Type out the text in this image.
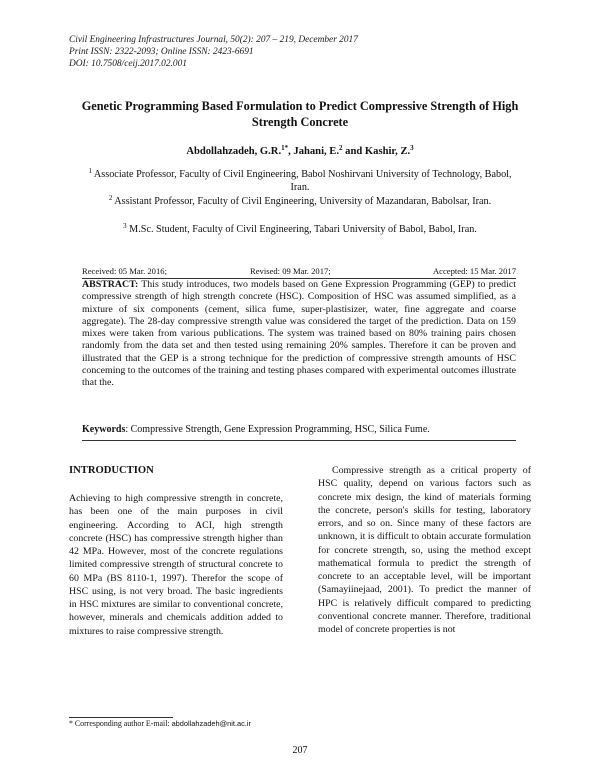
Civil Engineering Infrastructures Journal, 50(2): 207 – 219, December 2017
Print ISSN: 2322-2093; Online ISSN: 2423-6691
DOI: 10.7508/ceij.2017.02.001
Genetic Programming Based Formulation to Predict Compressive Strength of High Strength Concrete
Abdollahzadeh, G.R.$^{1*}$, Jahani, E.$^2$ and Kashir, Z.$^3$
$^1$ Associate Professor, Faculty of Civil Engineering, Babol Noshirvani University of Technology, Babol, Iran.
$^2$ Assistant Professor, Faculty of Civil Engineering, University of Mazandaran, Babolsar, Iran.
$^3$ M.Sc. Student, Faculty of Civil Engineering, Tabari University of Babol, Babol, Iran.
Received: 05 Mar. 2016;	Revised: 09 Mar. 2017;	Accepted: 15 Mar. 2017
ABSTRACT: This study introduces, two models based on Gene Expression Programming (GEP) to predict compressive strength of high strength concrete (HSC). Composition of HSC was assumed simplified, as a mixture of six components (cement, silica fume, super-plastisizer, water, fine aggregate and coarse aggregate). The 28-day compressive strength value was considered the target of the prediction. Data on 159 mixes were taken from various publications. The system was trained based on 80% training pairs chosen randomly from the data set and then tested using remaining 20% samples. Therefore it can be proven and illustrated that the GEP is a strong technique for the prediction of compressive strength amounts of HSC conceming to the outcomes of the training and testing phases compared with experimental outcomes illustrate that the.
Keywords: Compressive Strength, Gene Expression Programming, HSC, Silica Fume.
INTRODUCTION

Achieving to high compressive strength in concrete, has been one of the main purposes in civil engineering. According to ACI, high strength concrete (HSC) has compressive strength higher than 42 MPa. However, most of the concrete regulations limited compressive strength of structural concrete to 60 MPa (BS 8110-1, 1997). Therefor the scope of HSC using, is not very broad. The basic ingredients in HSC mixtures are similar to conventional concrete, however, minerals and chemicals addition added to mixtures to raise compressive strength.

Compressive strength as a critical property of HSC quality, depend on various factors such as concrete mix design, the kind of materials forming the concrete, person's skills for testing, laboratory errors, and so on. Since many of these factors are unknown, it is difficult to obtain accurate formulation for concrete strength, so, using the method except mathematical formula to predict the strength of concrete to an acceptable level, will be important (Samayiinejaad, 2001). To predict the manner of HPC is relatively difficult compared to predicting conventional concrete manner. Therefore, traditional model of concrete properties is not

* Corresponding author E-mail: abdollahzadeh@nit.ac.ir
207
